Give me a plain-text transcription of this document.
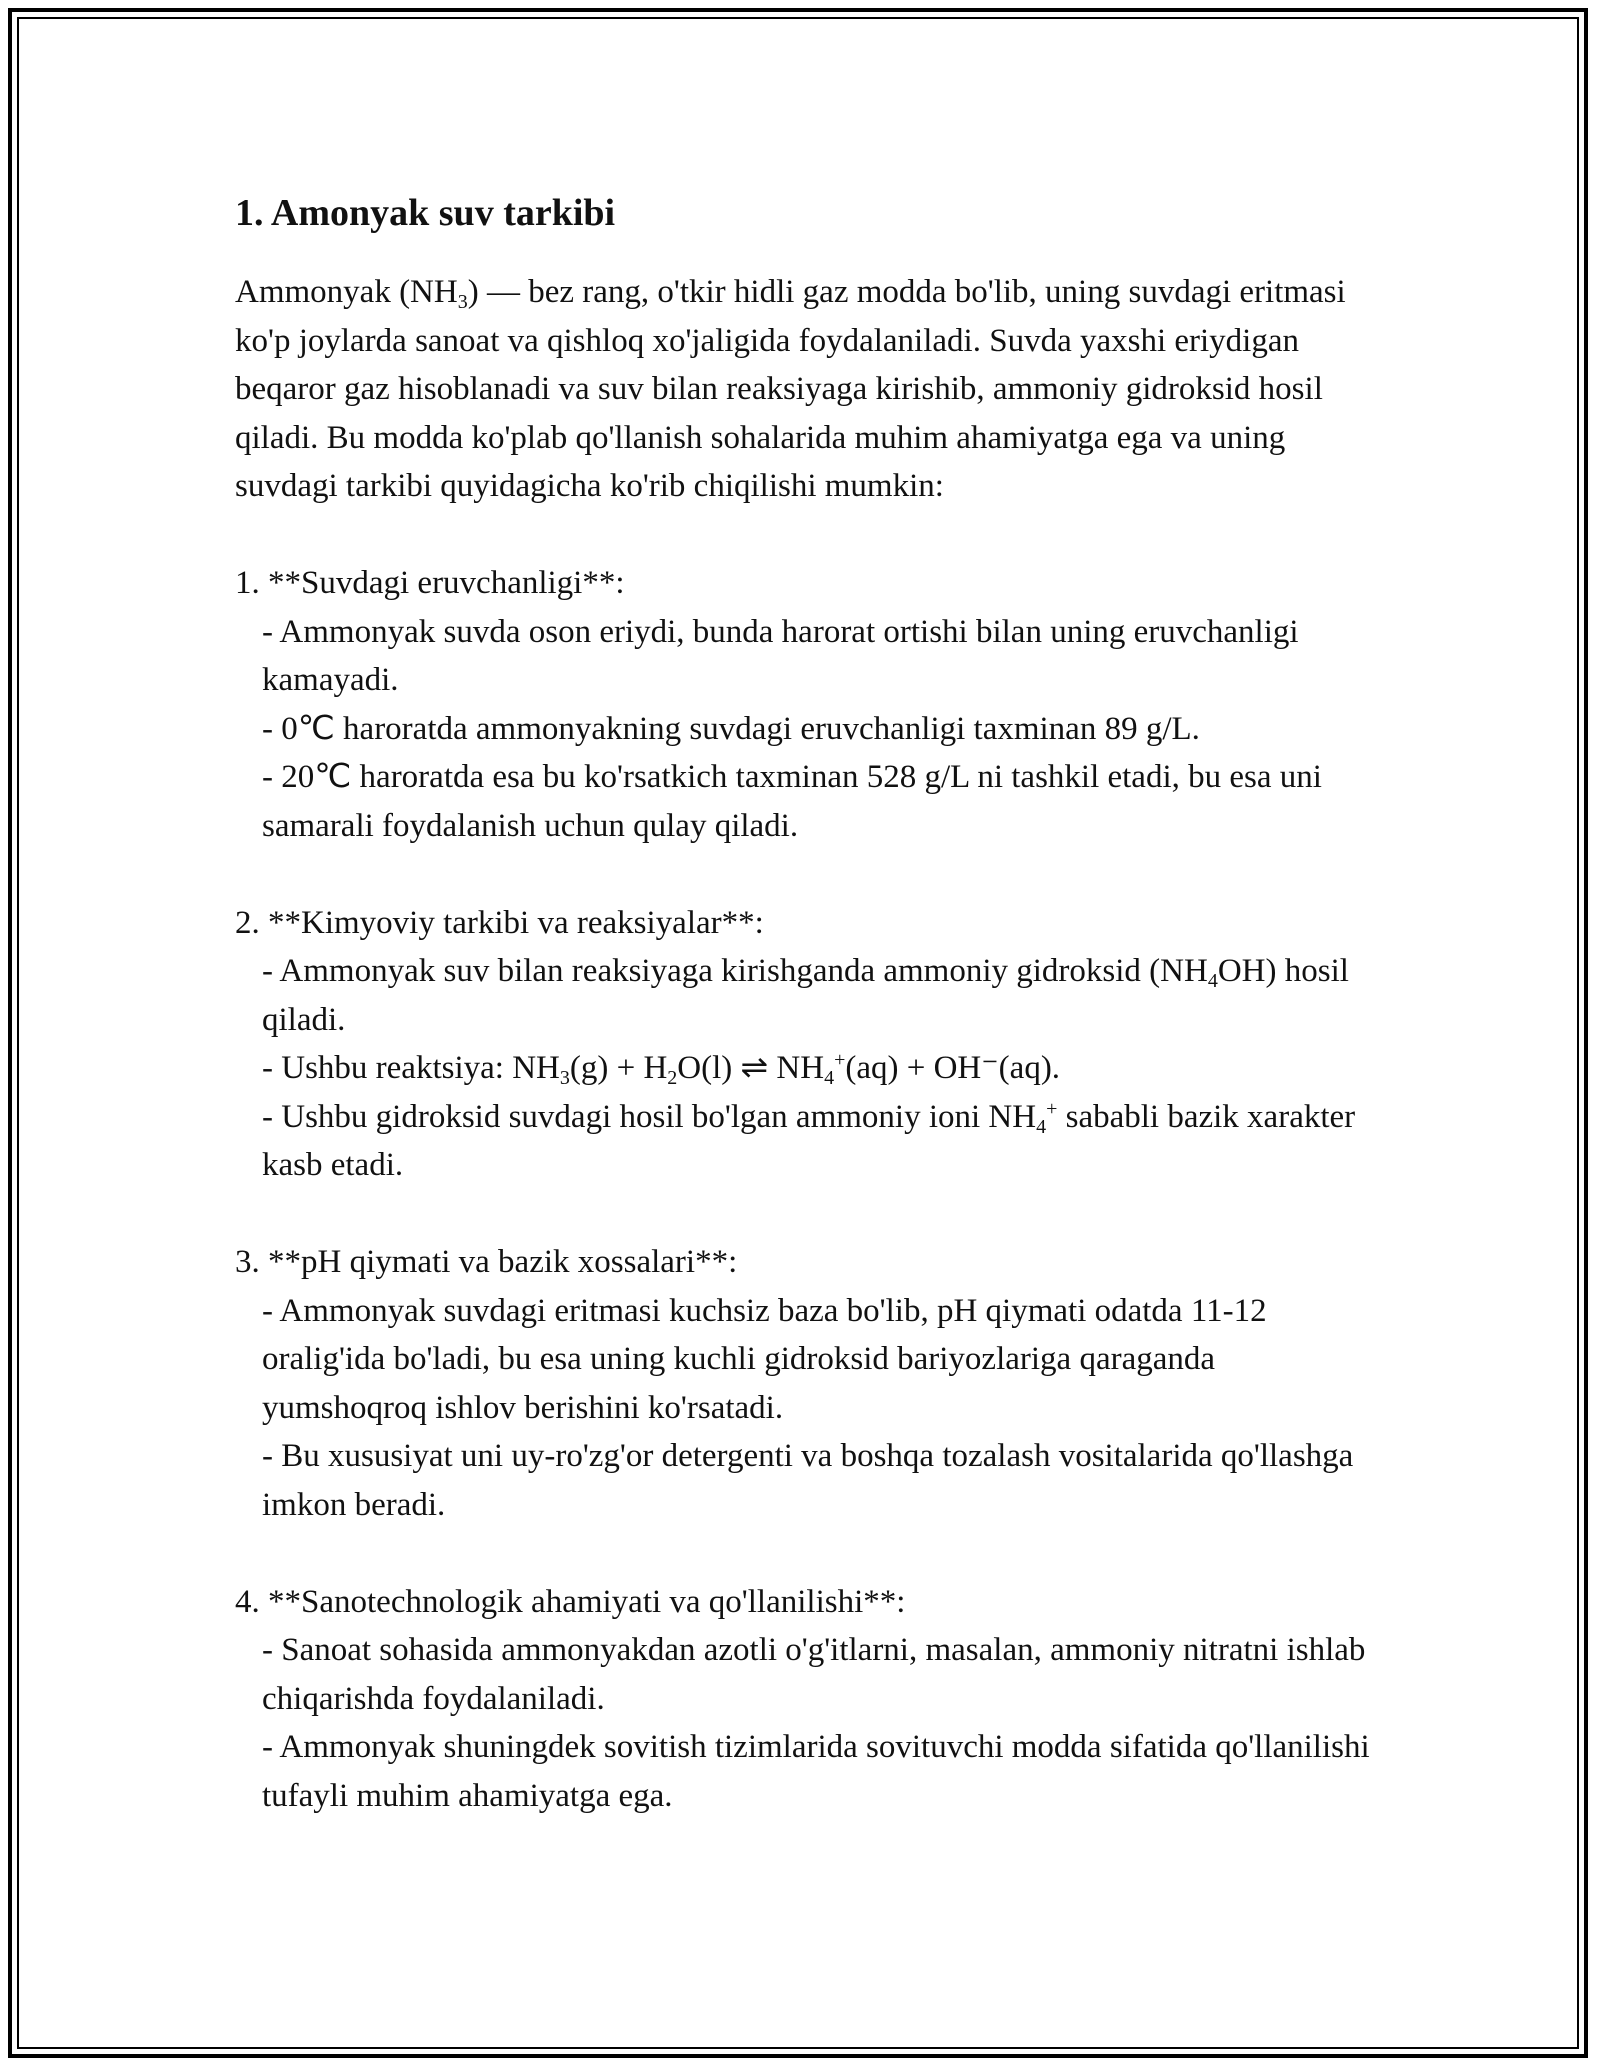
1. Amonyak suv tarkibi

Ammonyak $(NH_3)$ — bez rang, o'tkir hidli gaz modda bo'lib, uning suvdagi eritmasi ko'p joylarda sanoat va qishloq xo'jaligida foydalaniladi. Suvda yaxshi eriydigan beqaror gaz hisoblanadi va suv bilan reaksiyaga kirishib, ammoniy gidroksid hosil qiladi. Bu modda ko'plab qo'llanish sohalarida muhim ahamiyatga ega va uning suvdagi tarkibi quyidagicha ko'rib chiqilishi mumkin:

1. **Suvdagi eruvchanligi**:

- Ammonyak suvda oson eriydi, bunda harorat ortishi bilan uning eruvchanligi kamayadi.

- 0℃ haroratda ammonyakning suvdagi eruvchanligi taxminan 89 g/L.

- 20℃ haroratda esa bu ko'rsatkich taxminan 528 g/L ni tashkil etadi, bu esa uni samarali foydalanish uchun qulay qiladi.

2. **Kimyoviy tarkibi va reaksiyalar**:

- Ammonyak suv bilan reaksiyaga kirishganda ammoniy gidroksid $(NH_4OH)$ hosil qiladi.

- Ushbu reaktsiya: $NH_3(g) + H_2O(l)$ ⇌ $NH_4^+(aq) + OH^-(aq)$.

- Ushbu gidroksid suvdagi hosil bo'lgan ammoniy ioni $NH_4^+$ sababli bazik xarakter kasb etadi.

3. **pH qiymati va bazik xossalari**:

- Ammonyak suvdagi eritmasi kuchsiz baza bo'lib, pH qiymati odatda 11-12 oralig'ida bo'ladi, bu esa uning kuchli gidroksid bariyozlariga qaraganda yumshoqroq ishlov berishini ko'rsatadi.

- Bu xususiyat uni uy-ro'zg'or detergenti va boshqa tozalash vositalarida qo'llashga imkon beradi.

4. **Sanotechnologik ahamiyati va qo'llanilishi**:

- Sanoat sohasida ammonyakdan azotli o'g'itlarni, masalan, ammoniy nitratni ishlab chiqarishda foydalaniladi.

- Ammonyak shuningdek sovitish tizimlarida sovituvchi modda sifatida qo'llanilishi tufayli muhim ahamiyatga ega.
